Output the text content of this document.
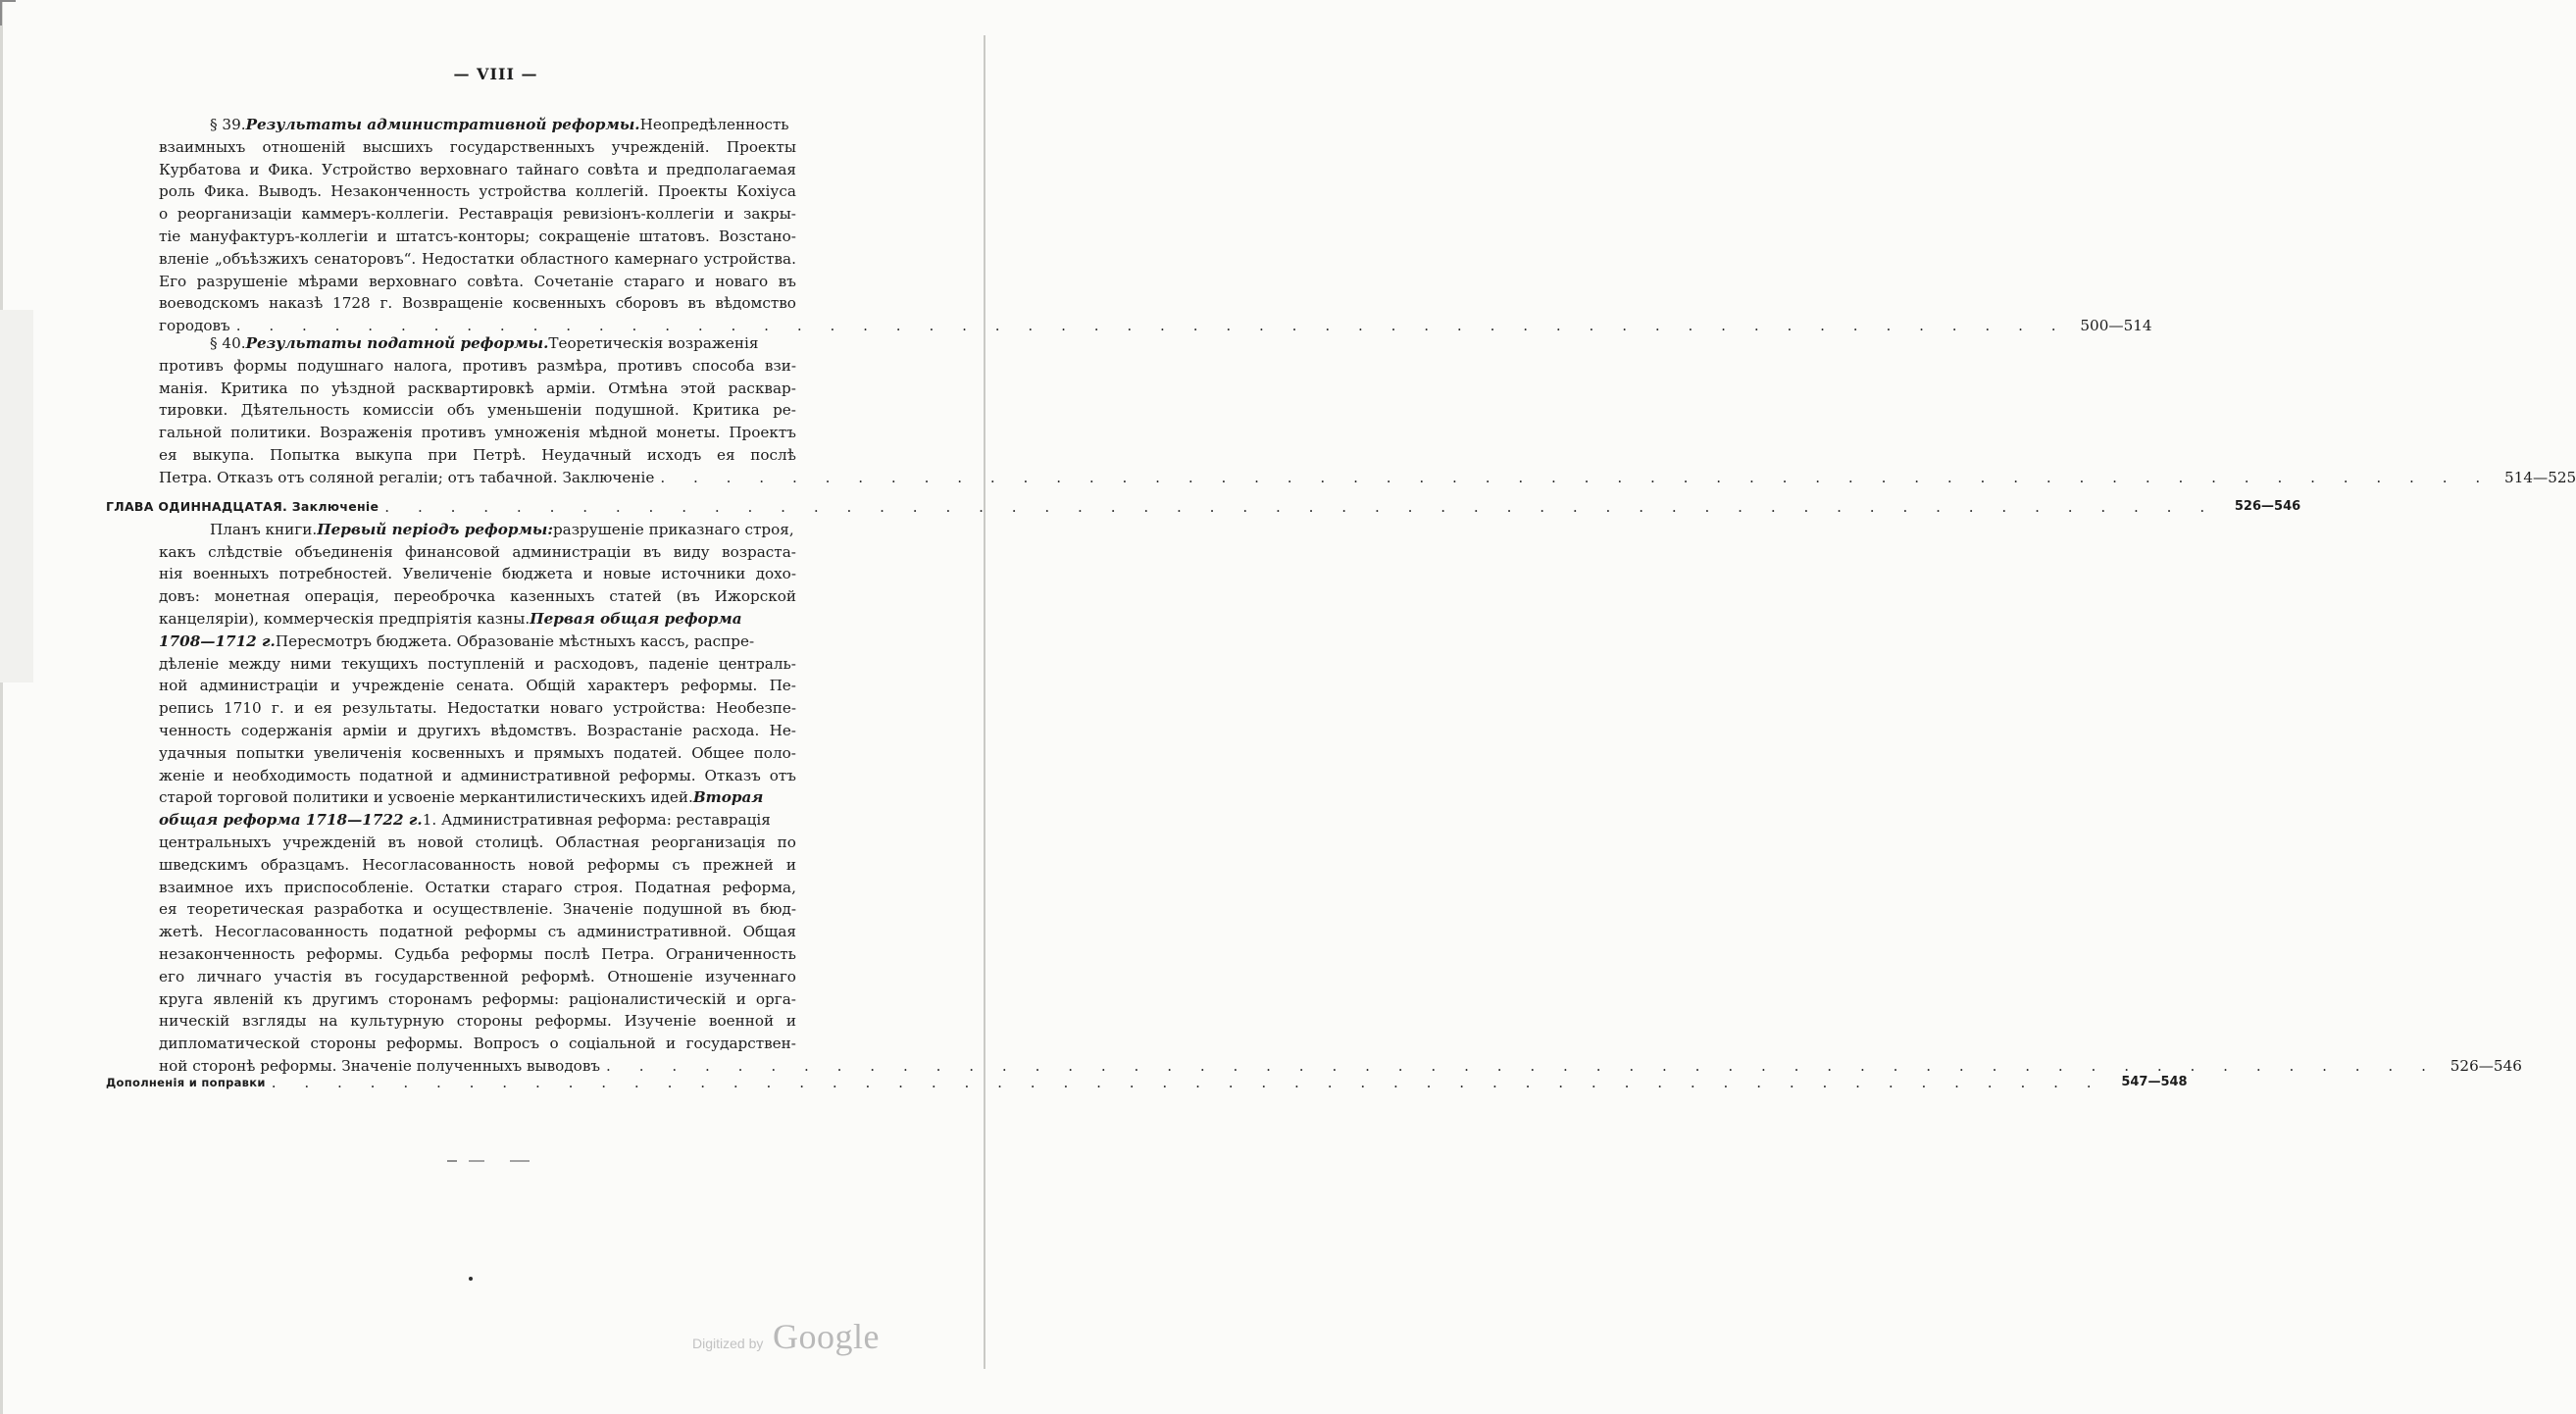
— VIII —
§ 39.Результаты административной реформы.Неопредѣленность
взаимныхъ отношеній высшихъ государственныхъ учрежденій. Проекты
Курбатова и Фика. Устройство верховнаго тайнаго совѣта и предполагаемая
роль Фика. Выводъ. Незаконченность устройства коллегій. Проекты Кохіуса
о реорганизаціи каммеръ-коллегіи. Реставрація ревизіонъ-коллегіи и закры-
тіе мануфактуръ-коллегіи и штатсъ-конторы; сокращеніе штатовъ. Возстано-
вленіе „объѣзжихъ сенаторовъ“. Недостатки областного камернаго устройства.
Его разрушеніе мѣрами верховнаго совѣта. Сочетаніе стараго и новаго въ
воеводскомъ наказѣ 1728 г. Возвращеніе косвенныхъ сборовъ въ вѣдомство
городовъ . . . . . . . . . . . . . . . . . . . . . . . . . . . . . . . . . . . . . . . . . . . . . . . . . . . . . . . . 500—514
§ 40.Результаты податной реформы.Теоретическія возраженія
противъ формы подушнаго налога, противъ размѣра, противъ способа взи-
манія. Критика по уѣздной расквартировкѣ арміи. Отмѣна этой расквар-
тировки. Дѣятельность комиссіи объ уменьшеніи подушной. Критика ре-
гальной политики. Возраженія противъ умноженія мѣдной монеты. Проектъ
ея выкупа. Попытка выкупа при Петрѣ. Неудачный исходъ ея послѣ
Петра. Отказъ отъ соляной регаліи; отъ табачной. Заключеніе . . . . . . . . . . . . . . . . . . . . . . . . . . . . . . . . . . . . . . . . . . . . . . . . . . . . . . . . 514—525
ГЛАВА ОДИННАДЦАТАЯ. Заключеніе . . . . . . . . . . . . . . . . . . . . . . . . . . . . . . . . . . . . . . . . . . . . . . . . . . . . . . . .	526—546
Планъ книги.Первый періодъ реформы:разрушеніе приказнаго строя,
какъ слѣдствіе объединенія финансовой администраціи въ виду возраста-
нія военныхъ потребностей. Увеличеніе бюджета и новые источники дохо-
довъ: монетная операція, переоброчка казенныхъ статей (въ Ижорской
канцеляріи), коммерческія предпріятія казны.Первая общая реформа
1708—1712 г.Пересмотръ бюджета. Образованіе мѣстныхъ кассъ, распре-
дѣленіе между ними текущихъ поступленій и расходовъ, паденіе централь-
ной администраціи и учрежденіе сената. Общій характеръ реформы. Пе-
репись 1710 г. и ея результаты. Недостатки новаго устройства: Необезпе-
ченность содержанія арміи и другихъ вѣдомствъ. Возрастаніе расхода. Не-
удачныя попытки увеличенія косвенныхъ и прямыхъ податей. Общее поло-
женіе и необходимость податной и административной реформы. Отказъ отъ
старой торговой политики и усвоеніе меркантилистическихъ идей.Вторая
общая реформа 1718—1722 г.1. Административная реформа: реставрація
центральныхъ учрежденій въ новой столицѣ. Областная реорганизація по
шведскимъ образцамъ. Несогласованность новой реформы съ прежней и
взаимное ихъ приспособленіе. Остатки стараго строя. Податная реформа,
ея теоретическая разработка и осуществленіе. Значеніе подушной въ бюд-
жетѣ. Несогласованность податной реформы съ административной. Общая
незаконченность реформы. Судьба реформы послѣ Петра. Ограниченность
его личнаго участія въ государственной реформѣ. Отношеніе изученнаго
круга явленій къ другимъ сторонамъ реформы: раціоналистическій и орга-
ническій взгляды на культурную стороны реформы. Изученіе военной и
дипломатической стороны реформы. Вопросъ о соціальной и государствен-
ной сторонѣ реформы. Значеніе полученныхъ выводовъ . . . . . . . . . . . . . . . . . . . . . . . . . . . . . . . . . . . . . . . . . . . . . . . . . . . . . . . . 526—546
Дополненія и поправки . . . . . . . . . . . . . . . . . . . . . . . . . . . . . . . . . . . . . . . . . . . . . . . . . . . . . . . .	547—548
Digitized by Google
